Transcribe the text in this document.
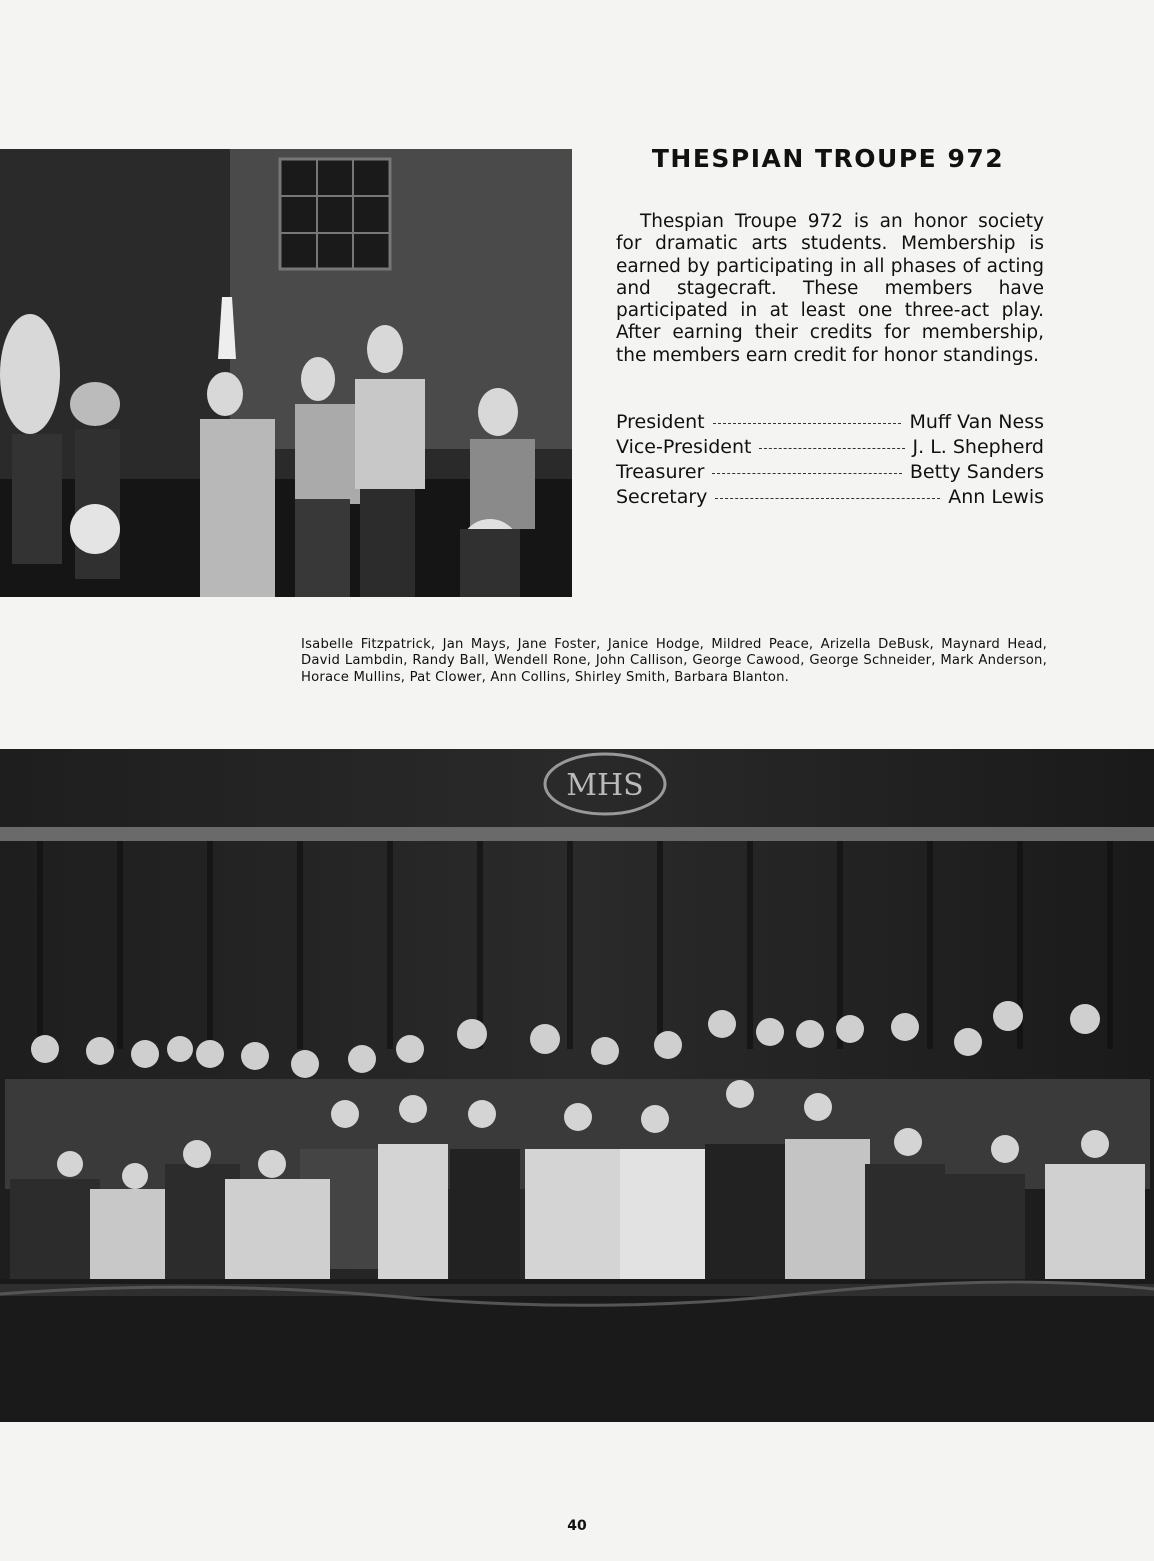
THESPIAN TROUPE 972
Thespian Troupe 972 is an honor society for dramatic arts students. Membership is earned by participating in all phases of acting and stagecraft. These members have participated in at least one three-act play. After earning their credits for membership, the members earn credit for honor standings.
President	Muff Van Ness
Vice-President	J. L. Shepherd
Treasurer	Betty Sanders
Secretary	Ann Lewis
Isabelle Fitzpatrick, Jan Mays, Jane Foster, Janice Hodge, Mildred Peace, Arizella DeBusk, Maynard Head, David Lambdin, Randy Ball, Wendell Rone, John Callison, George Cawood, George Schneider, Mark Anderson, Horace Mullins, Pat Clower, Ann Collins, Shirley Smith, Barbara Blanton.
MHS
40
